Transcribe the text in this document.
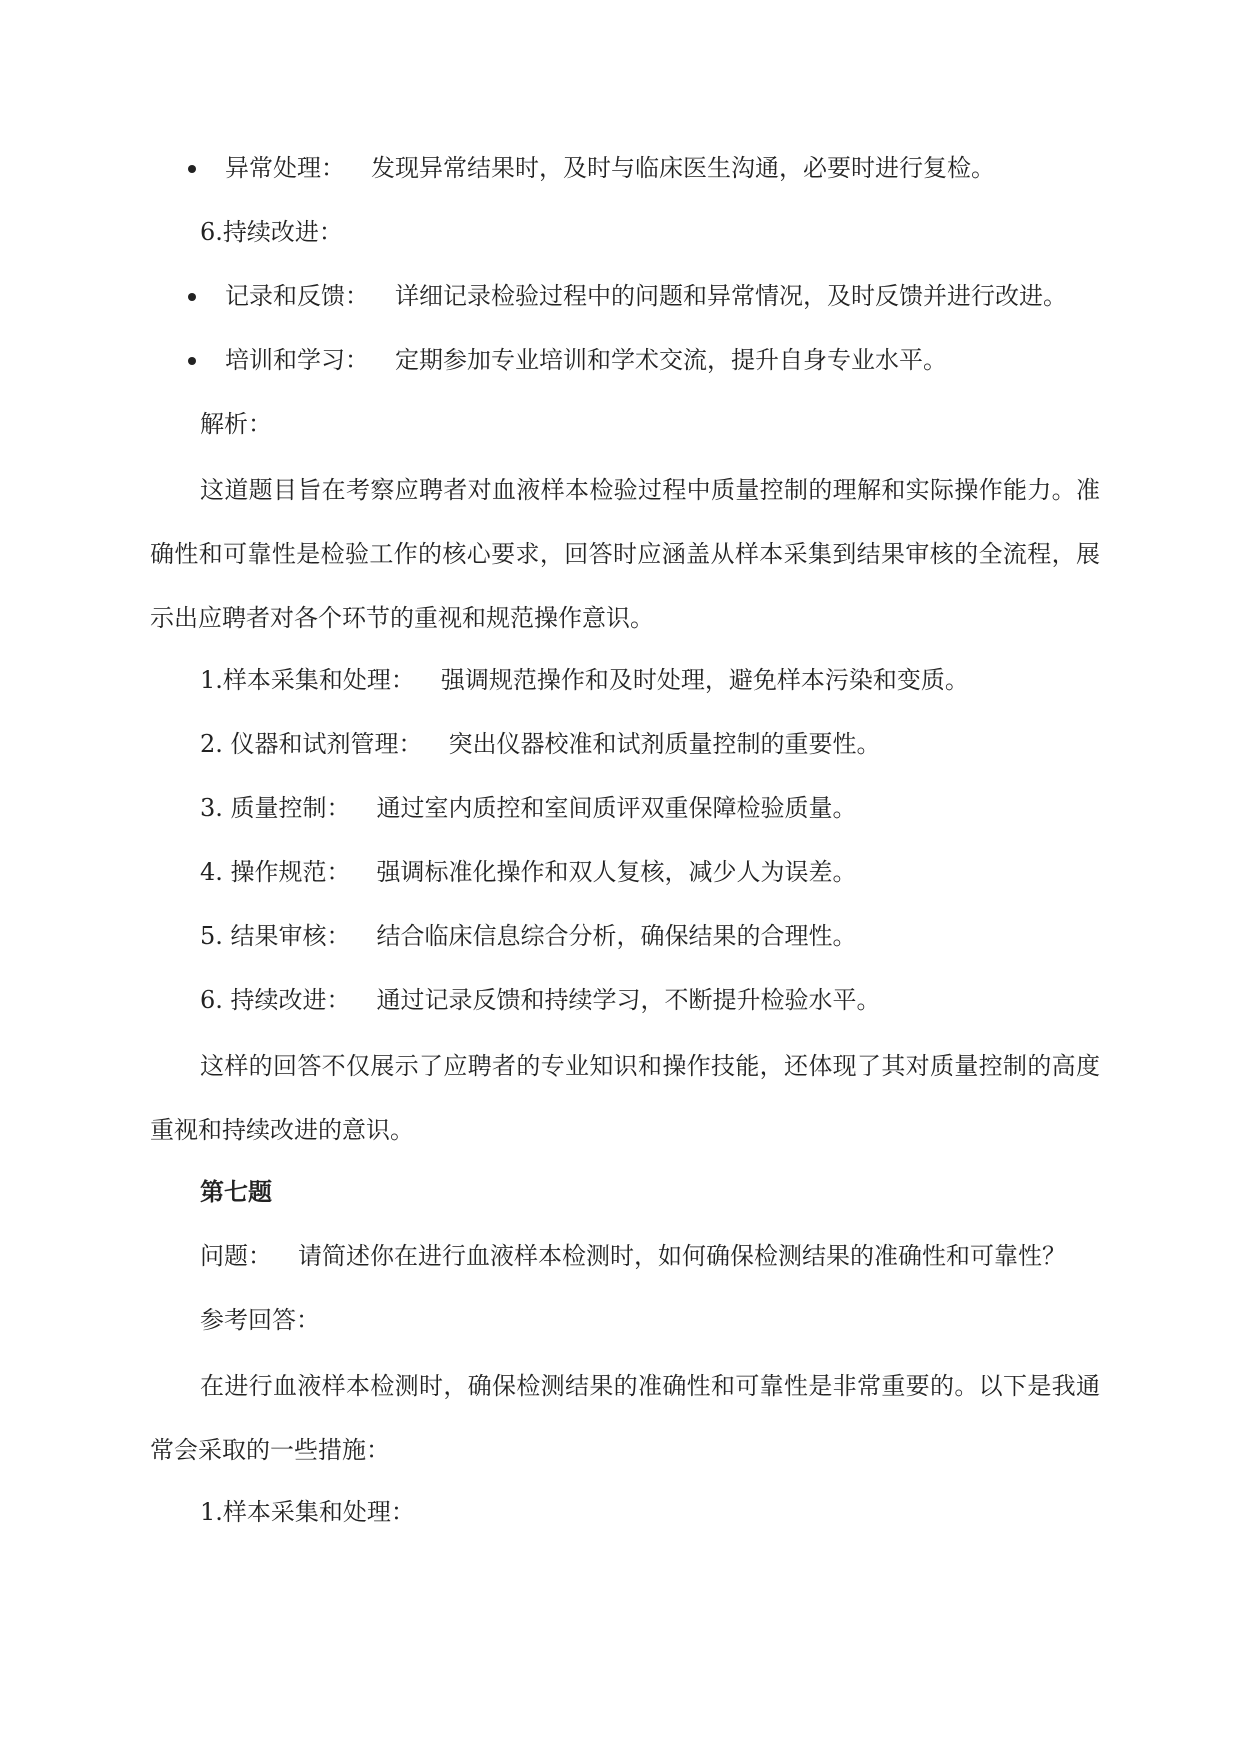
异常处理： 发现异常结果时，及时与临床医生沟通，必要时进行复检。
6.持续改进：
记录和反馈： 详细记录检验过程中的问题和异常情况，及时反馈并进行改进。
培训和学习： 定期参加专业培训和学术交流，提升自身专业水平。
解析：
这道题目旨在考察应聘者对血液样本检验过程中质量控制的理解和实际操作能力。准确性和可靠性是检验工作的核心要求，回答时应涵盖从样本采集到结果审核的全流程，展示出应聘者对各个环节的重视和规范操作意识。
1.样本采集和处理： 强调规范操作和及时处理，避免样本污染和变质。
2. 仪器和试剂管理： 突出仪器校准和试剂质量控制的重要性。
3. 质量控制： 通过室内质控和室间质评双重保障检验质量。
4. 操作规范： 强调标准化操作和双人复核，减少人为误差。
5. 结果审核： 结合临床信息综合分析，确保结果的合理性。
6. 持续改进： 通过记录反馈和持续学习，不断提升检验水平。
这样的回答不仅展示了应聘者的专业知识和操作技能，还体现了其对质量控制的高度重视和持续改进的意识。
第七题
问题： 请简述你在进行血液样本检测时，如何确保检测结果的准确性和可靠性？
参考回答：
在进行血液样本检测时，确保检测结果的准确性和可靠性是非常重要的。以下是我通常会采取的一些措施：
1.样本采集和处理：
